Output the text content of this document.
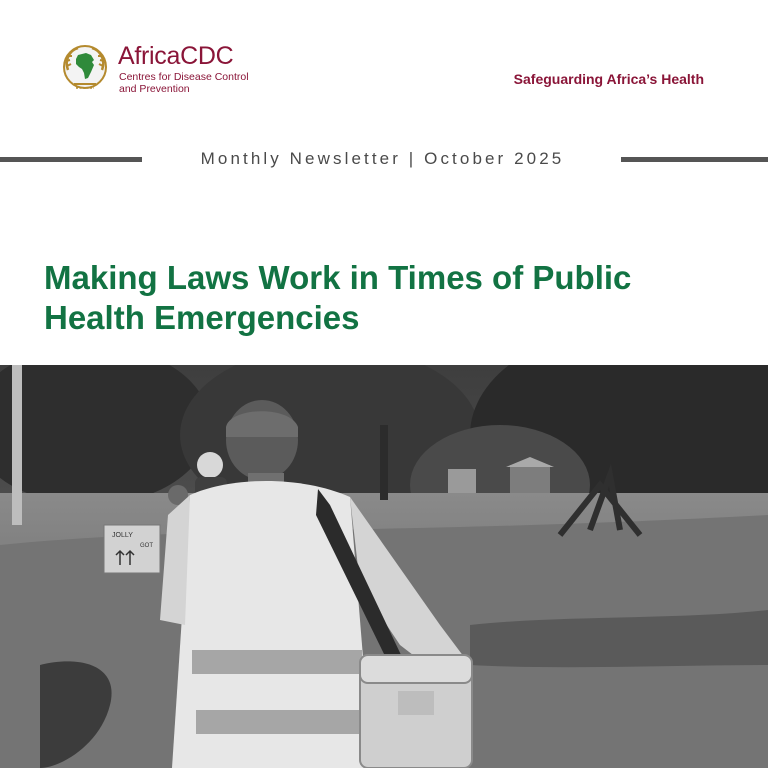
AfricaCDC
Centres for Disease Control and Prevention
Safeguarding Africa’s Health
Monthly Newsletter | October 2025
Making Laws Work in Times of Public
Health Emergencies
JOLLY
GOT
